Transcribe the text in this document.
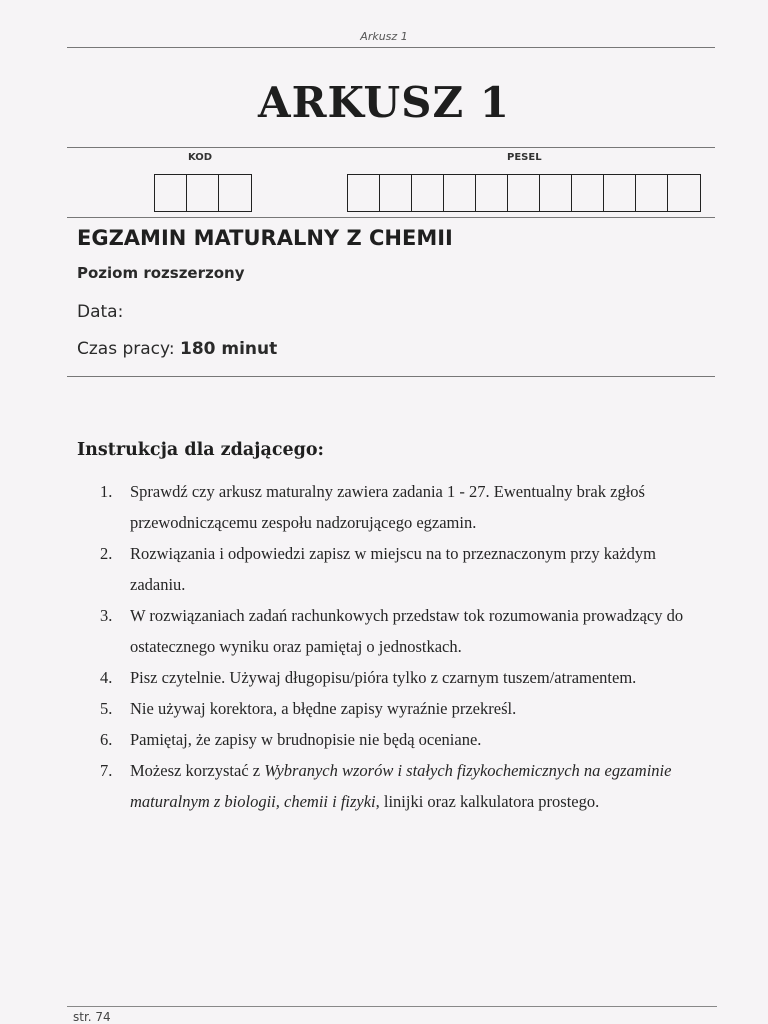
Arkusz 1
ARKUSZ 1
KOD	PESEL
EGZAMIN MATURALNY Z CHEMII
Poziom rozszerzony
Data:
Czas pracy: 180 minut
Instrukcja dla zdającego:
1.	Sprawdź czy arkusz maturalny zawiera zadania 1 - 27. Ewentualny brak zgłoś przewodniczącemu zespołu nadzorującego egzamin.
2.	Rozwiązania i odpowiedzi zapisz w miejscu na to przeznaczonym przy każdym zadaniu.
3.	W rozwiązaniach zadań rachunkowych przedstaw tok rozumowania prowadzący do ostatecznego wyniku oraz pamiętaj o jednostkach.
4.	Pisz czytelnie. Używaj długopisu/pióra tylko z czarnym tuszem/atramentem.
5.	Nie używaj korektora, a błędne zapisy wyraźnie przekreśl.
6.	Pamiętaj, że zapisy w brudnopisie nie będą oceniane.
7.	Możesz korzystać z Wybranych wzorów i stałych fizykochemicznych na egzaminie maturalnym z biologii, chemii i fizyki, linijki oraz kalkulatora prostego.
str. 74
